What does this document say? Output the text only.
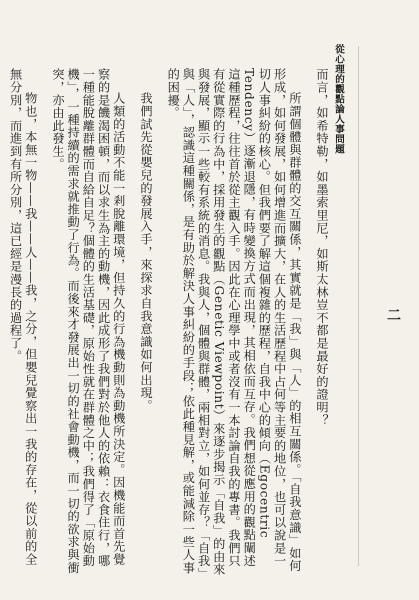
從心理的觀點論人事問題
二

而言，如希特勒，如墨索里尼，如斯太林豈不都是最好的證明？

所謂個體與群體的交互關係，其實就是「我」與「人」的相互關係。「自我意識」如何形成，如何發展，如何增進而擴大，在人的生活歷程中占何等主要的地位，也可以說是一切人事糾紛的核心。但我們要了解這個複雜的歷程，自我中心的傾向（Egocentric Tendency）逐漸退隱，有時變換方式而出現，其相依而互存。我們想從應用的觀點闡述這種歷程，往往首於從主觀入手。因此在心理學中或者沒有一本討論自我的專書。我們只有從實際的行為中，採用發生的觀點（Genetic Viewpoint）來逐步揭示「自我」的由來與發展，顯示一些較有系統的消息。我與人，個體與群體，兩相對立，如何並存？「自我」與「人」，認識這種關係，是有助於解決人事糾紛的手段；依此種見解，或能減除一些人事的困擾。

我們試先從嬰兒的發展入手，來探求自我意識如何出現。

人類的活動不能一剎脫離環境，但持久的行為機動則為動機所決定。因機能而首先覺察的是饑渴困頓，而以求生為主的動機，因此成形了我們對於他人的依賴：衣食住行，哪一種能脫離群體而自給自足？個體的生活基礎，原始性就在群體之中；我們得了「原始動機」，一種持續的需求就推動了行為。而後來才發展出一切的社會動機，而一切的欲求與衝突，亦由此發生。

物也，本無一物——我——人——我，之分，但嬰兒覺察出一我的存在，從以前的全無分別，而進到有所分別，這已經是漫長的過程了。
